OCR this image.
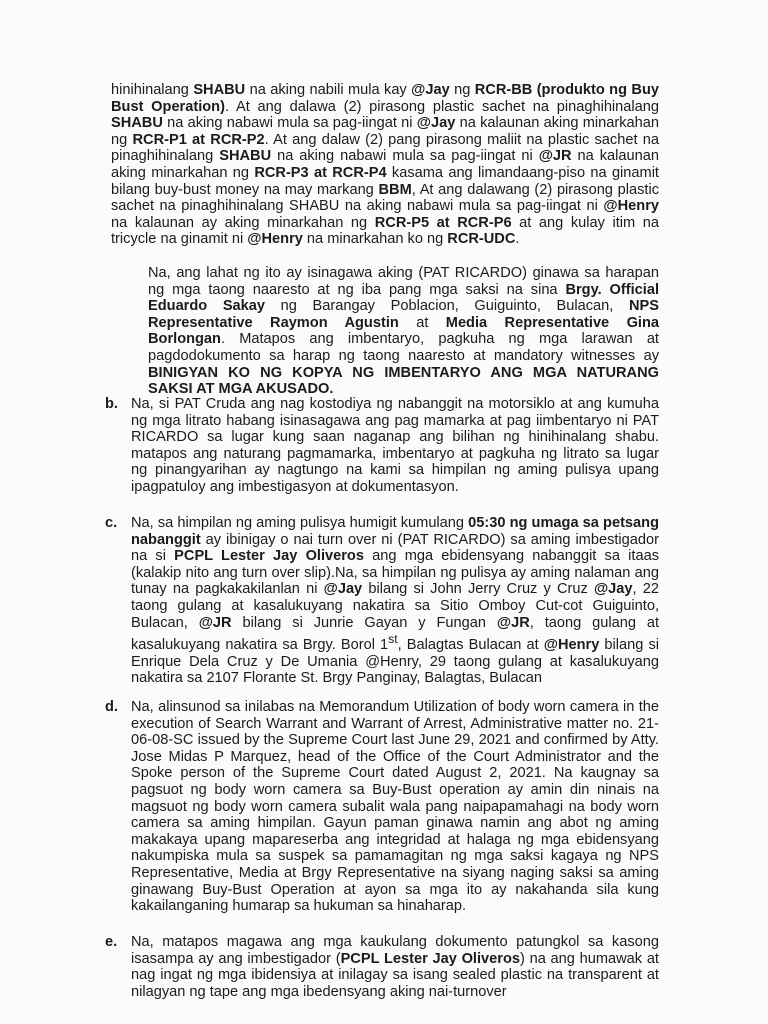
hinihinalang SHABU na aking nabili mula kay @Jay ng RCR-BB (produkto ng Buy Bust Operation). At ang dalawa (2) pirasong plastic sachet na pinaghihinalang SHABU na aking nabawi mula sa pag-iingat ni @Jay na kalaunan aking minarkahan ng RCR-P1 at RCR-P2. At ang dalaw (2) pang pirasong maliit na plastic sachet na pinaghihinalang SHABU na aking nabawi mula sa pag-iingat ni @JR na kalaunan aking minarkahan ng RCR-P3 at RCR-P4 kasama ang limandaang-piso na ginamit bilang buy-bust money na may markang BBM, At ang dalawang (2) pirasong plastic sachet na pinaghihinalang SHABU na aking nabawi mula sa pag-iingat ni @Henry na kalaunan ay aking minarkahan ng RCR-P5 at RCR-P6 at ang kulay itim na tricycle na ginamit ni @Henry na minarkahan ko ng RCR-UDC.
Na, ang lahat ng ito ay isinagawa aking (PAT RICARDO) ginawa sa harapan ng mga taong naaresto at ng iba pang mga saksi na sina Brgy. Official Eduardo Sakay ng Barangay Poblacion, Guiguinto, Bulacan, NPS Representative Raymon Agustin at Media Representative Gina Borlongan. Matapos ang imbentaryo, pagkuha ng mga larawan at pagdodokumento sa harap ng taong naaresto at mandatory witnesses ay BINIGYAN KO NG KOPYA NG IMBENTARYO ANG MGA NATURANG SAKSI AT MGA AKUSADO.
b. Na, si PAT Cruda ang nag kostodiya ng nabanggit na motorsiklo at ang kumuha ng mga litrato habang isinasagawa ang pag mamarka at pag iimbentaryo ni PAT RICARDO sa lugar kung saan naganap ang bilihan ng hinihinalang shabu. matapos ang naturang pagmamarka, imbentaryo at pagkuha ng litrato sa lugar ng pinangyarihan ay nagtungo na kami sa himpilan ng aming pulisya upang ipagpatuloy ang imbestigasyon at dokumentasyon.
c. Na, sa himpilan ng aming pulisya humigit kumulang 05:30 ng umaga sa petsang nabanggit ay ibinigay o nai turn over ni (PAT RICARDO) sa aming imbestigador na si PCPL Lester Jay Oliveros ang mga ebidensyang nabanggit sa itaas (kalakip nito ang turn over slip).Na, sa himpilan ng pulisya ay aming nalaman ang tunay na pagkakakilanlan ni @Jay bilang si John Jerry Cruz y Cruz @Jay, 22 taong gulang at kasalukuyang nakatira sa Sitio Omboy Cut-cot Guiguinto, Bulacan, @JR bilang si Junrie Gayan y Fungan @JR, taong gulang at kasalukuyang nakatira sa Brgy. Borol 1st, Balagtas Bulacan at @Henry bilang si Enrique Dela Cruz y De Umania @Henry, 29 taong gulang at kasalukuyang nakatira sa 2107 Florante St. Brgy Panginay, Balagtas, Bulacan
d. Na, alinsunod sa inilabas na Memorandum Utilization of body worn camera in the execution of Search Warrant and Warrant of Arrest, Administrative matter no. 21-06-08-SC issued by the Supreme Court last June 29, 2021 and confirmed by Atty. Jose Midas P Marquez, head of the Office of the Court Administrator and the Spoke person of the Supreme Court dated August 2, 2021. Na kaugnay sa pagsuot ng body worn camera sa Buy-Bust operation ay amin din ninais na magsuot ng body worn camera subalit wala pang naipapamahagi na body worn camera sa aming himpilan. Gayun paman ginawa namin ang abot ng aming makakaya upang mapareserba ang integridad at halaga ng mga ebidensyang nakumpiska mula sa suspek sa pamamagitan ng mga saksi kagaya ng NPS Representative, Media at Brgy Representative na siyang naging saksi sa aming ginawang Buy-Bust Operation at ayon sa mga ito ay nakahanda sila kung kakailanganing humarap sa hukuman sa hinaharap.
e. Na, matapos magawa ang mga kaukulang dokumento patungkol sa kasong isasampa ay ang imbestigador (PCPL Lester Jay Oliveros) na ang humawak at nag ingat ng mga ibidensiya at inilagay sa isang sealed plastic na transparent at nilagyan ng tape ang mga ibedensyang aking nai-turnover
